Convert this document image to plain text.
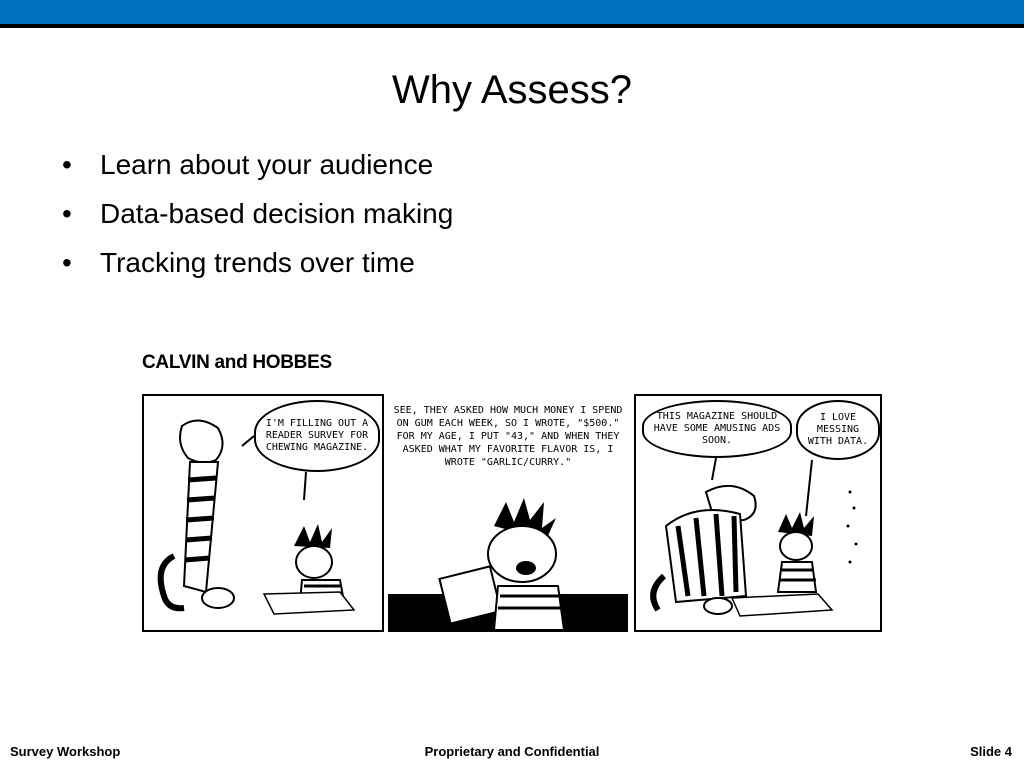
Why Assess?
• Learn about your audience
• Data-based decision making
• Tracking trends over time
CALVIN and HOBBES
I'M FILLING OUT A READER SURVEY FOR CHEWING MAGAZINE.
SEE, THEY ASKED HOW MUCH MONEY I SPEND ON GUM EACH WEEK, SO I WROTE, "$500." FOR MY AGE, I PUT "43," AND WHEN THEY ASKED WHAT MY FAVORITE FLAVOR IS, I WROTE "GARLIC/CURRY."
THIS MAGAZINE SHOULD HAVE SOME AMUSING ADS SOON.
I LOVE MESSING WITH DATA.
Survey Workshop	Proprietary and Confidential	Slide 4
